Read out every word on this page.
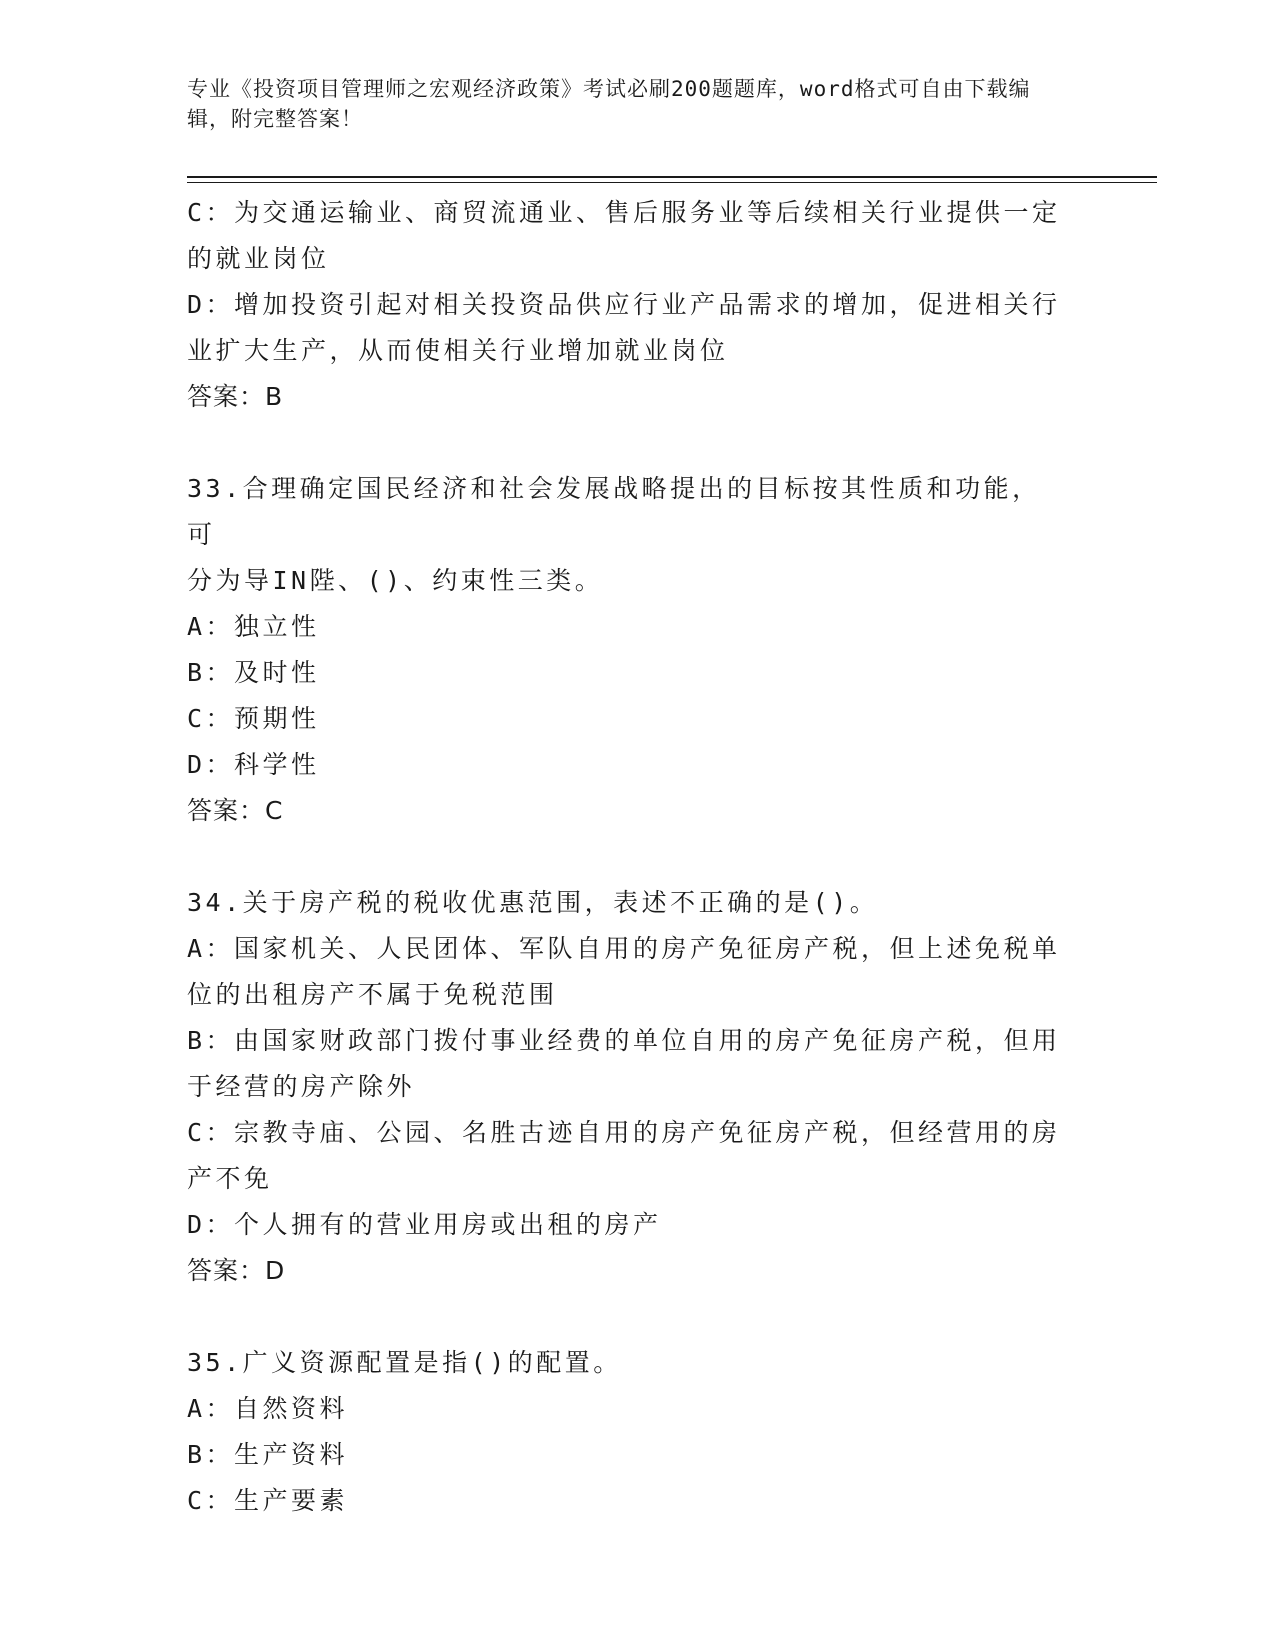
专业《投资项目管理师之宏观经济政策》考试必刷200题题库，word格式可自由下载编辑，附完整答案！
C：为交通运输业、商贸流通业、售后服务业等后续相关行业提供一定
的就业岗位
D：增加投资引起对相关投资品供应行业产品需求的增加，促进相关行
业扩大生产，从而使相关行业增加就业岗位
答案：B
33.合理确定国民经济和社会发展战略提出的目标按其性质和功能，可
分为导IN陛、()、约束性三类。
A：独立性
B：及时性
C：预期性
D：科学性
答案：C
34.关于房产税的税收优惠范围，表述不正确的是()。
A：国家机关、人民团体、军队自用的房产免征房产税，但上述免税单
位的出租房产不属于免税范围
B：由国家财政部门拨付事业经费的单位自用的房产免征房产税，但用
于经营的房产除外
C：宗教寺庙、公园、名胜古迹自用的房产免征房产税，但经营用的房
产不免
D：个人拥有的营业用房或出租的房产
答案：D
35.广义资源配置是指()的配置。
A：自然资料
B：生产资料
C：生产要素
